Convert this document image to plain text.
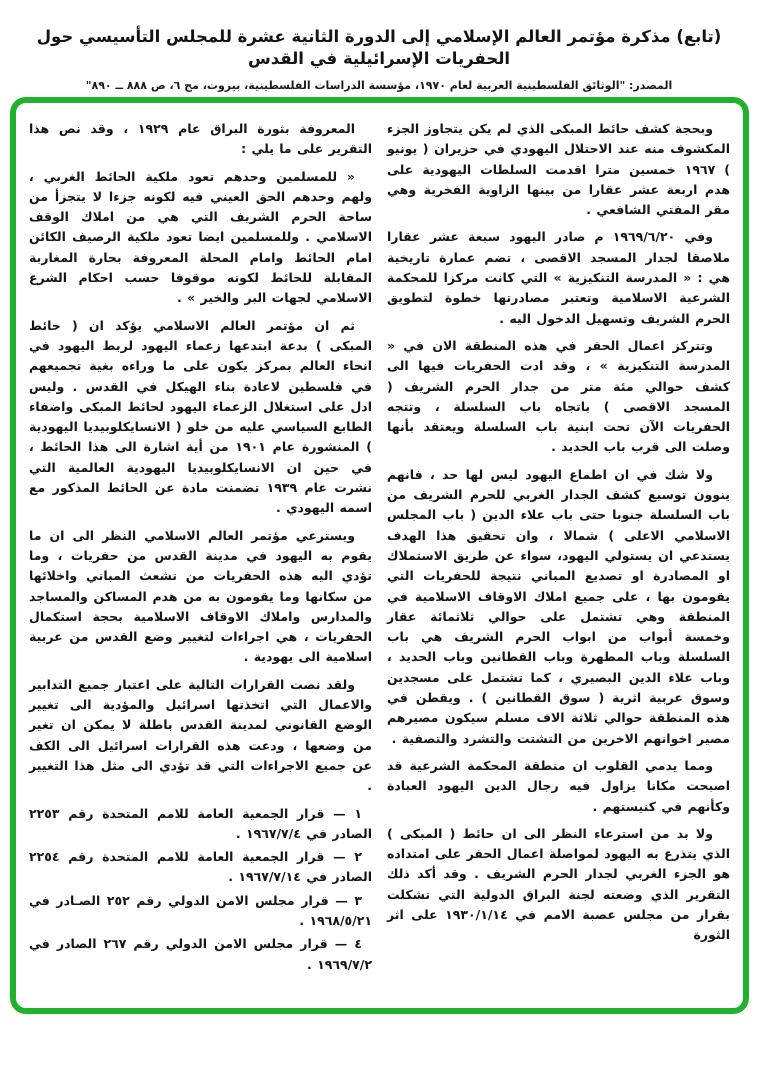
(تابع) مذكرة مؤتمر العالم الإسلامي إلى الدورة الثانية عشرة للمجلس التأسيسي حول الحفريات الإسرائيلية في القدس
المصدر: "الوثائق الفلسطينية العربية لعام ١٩٧٠، مؤسسة الدراسات الفلسطينية، بيروت، مج ٦، ص ٨٨٨ ــ ٨٩٠"

وبحجة كشف حائط المبكى الذي لم يكن يتجاوز الجزء المكشوف منه عند الاحتلال اليهودي في حزيران ( يونيو ) ١٩٦٧ خمسين مترا اقدمت السلطات اليهودية على هدم اربعة عشر عقارا من بينها الزاوية الفخرية وهي مقر المفتي الشافعي .

وفي ١٩٦٩/٦/٢٠ م صادر اليهود سبعة عشر عقارا ملاصقا لجدار المسجد الاقصى ، تضم عمارة تاريخية هي : « المدرسة التنكيزية » التي كانت مركزا للمحكمة الشرعية الاسلامية وتعتبر مصادرتها خطوة لتطويق الحرم الشريف وتسهيل الدخول اليه .

وتتركز اعمال الحفر في هذه المنطقة الان في « المدرسة التنكيزية » ، وقد ادت الحفريات فيها الى كشف حوالي مئة متر من جدار الحرم الشريف ( المسجد الاقصى ) باتجاه باب السلسلة ، وتتجه الحفريات الآن تحت ابنية باب السلسلة ويعتقد بأنها وصلت الى قرب باب الحديد .

ولا شك في ان اطماع اليهود ليس لها حد ، فانهم ينوون توسيع كشف الجدار الغربي للحرم الشريف من باب السلسلة جنوبا حتى باب علاء الدين ( باب المجلس الاسلامي الاعلى ) شمالا ، وان تحقيق هذا الهدف يستدعي ان يستولي اليهود، سواء عن طريق الاستملاك او المصادرة او تصديع المباني نتيجة للحفريات التي يقومون بها ، على جميع املاك الاوقاف الاسلامية في المنطقة وهي تشتمل على حوالي ثلاثمائة عقار وخمسة أبواب من ابواب الحرم الشريف هي باب السلسلة وباب المطهرة وباب القطانين وباب الحديد ، وباب علاء الدين البصيري ، كما تشتمل على مسجدين وسوق عربية اثرية ( سوق القطانين ) . ويقطن في هذه المنطقة حوالي ثلاثة الاف مسلم سيكون مصيرهم مصير اخوانهم الاخرين من التشتت والتشرد والتصفية .

ومما يدمي القلوب ان منطقة المحكمة الشرعية قد اصبحت مكانا يزاول فيه رجال الدين اليهود العبادة وكأنهم في كنيستهم .

ولا بد من استرعاء النظر الى ان حائط ( المبكى ) الذي يتذرع به اليهود لمواصلة اعمال الحفر على امتداده هو الجزء الغربي لجدار الحرم الشريف . وقد أكد ذلك التقرير الذي وضعته لجنة البراق الدولية التي تشكلت بقرار من مجلس عصبة الامم في ١٩٣٠/١/١٤ على اثر الثورة

المعروفة بثورة البراق عام ١٩٢٩ ، وقد نص هذا التقرير على ما يلي :

« للمسلمين وحدهم تعود ملكية الحائط الغربي ، ولهم وحدهم الحق العيني فيه لكونه جزءا لا يتجزأ من ساحة الحرم الشريف التي هي من املاك الوقف الاسلامي . وللمسلمين ايضا تعود ملكية الرصيف الكائن امام الحائط وامام المحلة المعروفة بحارة المغاربة المقابلة للحائط لكونه موقوفا حسب احكام الشرع الاسلامي لجهات البر والخير » .

ثم ان مؤتمر العالم الاسلامي يؤكد ان ( حائط المبكى ) بدعة ابتدعها زعماء اليهود لربط اليهود في انحاء العالم بمركز يكون على ما وراءه بغية تجميعهم في فلسطين لاعادة بناء الهيكل في القدس . وليس ادل على استغلال الزعماء اليهود لحائط المبكى واضفاء الطابع السياسي عليه من خلو ( الانسايكلوبيديا اليهودية ) المنشورة عام ١٩٠١ من أية اشارة الى هذا الحائط ، في حين ان الانسايكلوبيديا اليهودية العالمية التي نشرت عام ١٩٣٩ تضمنت مادة عن الحائط المذكور مع اسمه اليهودي .

ويسترعي مؤتمر العالم الاسلامي النظر الى ان ما يقوم به اليهود في مدينة القدس من حفريات ، وما تؤدي اليه هذه الحفريات من تشعث المباني واخلائها من سكانها وما يقومون به من هدم المساكن والمساجد والمدارس واملاك الاوقاف الاسلامية بحجة استكمال الحفريات ، هي اجراءات لتغيير وضع القدس من عربية اسلامية الى يهودية .

ولقد نصت القرارات التالية على اعتبار جميع التدابير والاعمال التي اتخذتها اسرائيل والمؤدية الى تغيير الوضع القانوني لمدينة القدس باطلة لا يمكن ان تغير من وضعها ، ودعت هذه القرارات اسرائيل الى الكف عن جميع الاجراءات التي قد تؤدي الى مثل هذا التغيير .

١ — قرار الجمعية العامة للامم المتحدة رقم ٢٢٥٣ الصادر في ١٩٦٧/٧/٤ .

٢ — قرار الجمعية العامة للامم المتحدة رقم ٢٢٥٤ الصادر في ١٩٦٧/٧/١٤ .

٣ — قرار مجلس الامن الدولي رقم ٢٥٢ الصـادر في ١٩٦٨/٥/٢١ .

٤ — قرار مجلس الامن الدولي رقم ٢٦٧ الصادر في ١٩٦٩/٧/٢ .
